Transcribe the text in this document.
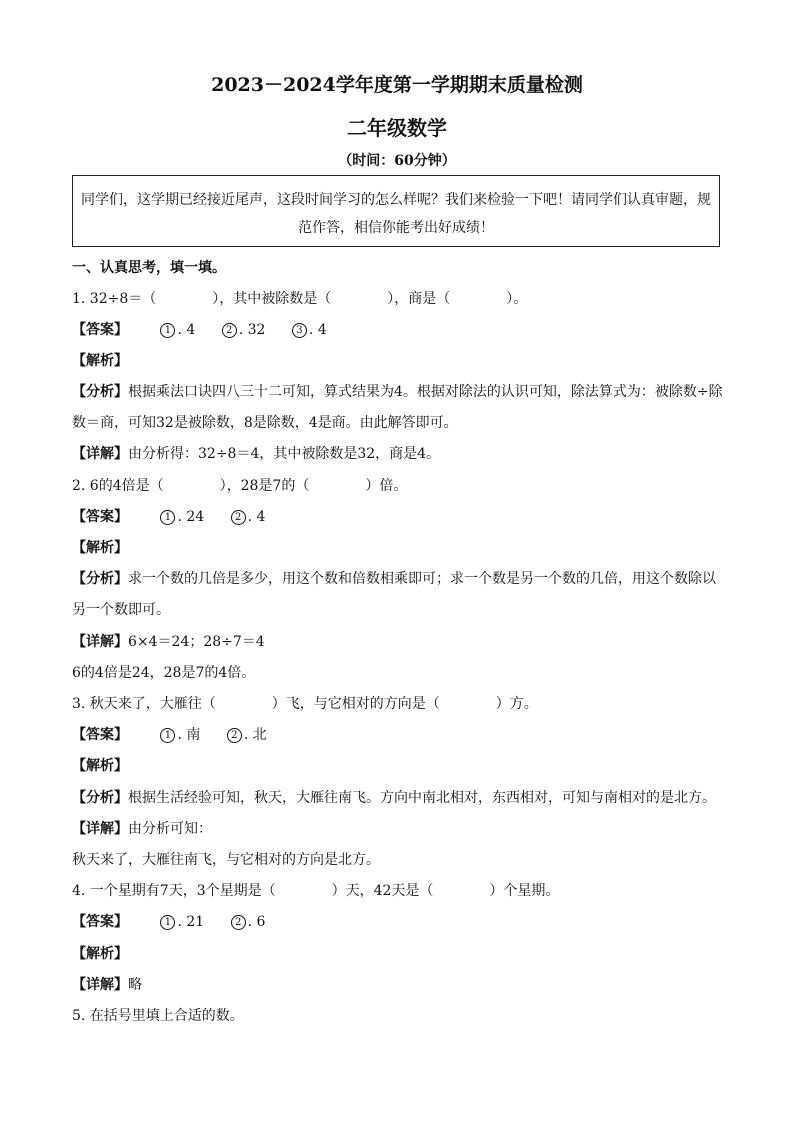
2023－2024学年度第一学期期末质量检测
二年级数学
（时间：60分钟）
同学们，这学期已经接近尾声，这段时间学习的怎么样呢？我们来检验一下吧！请同学们认真审题，规
范作答，相信你能考出好成绩！
一、认真思考，填一填。
1. 32÷8＝（　　　　），其中被除数是（　　　　），商是（　　　　）。
【答案】	1 . 4	2 . 32	3 . 4
【解析】
【分析】根据乘法口诀四八三十二可知，算式结果为4。根据对除法的认识可知，除法算式为：被除数÷除
数＝商，可知32是被除数，8是除数，4是商。由此解答即可。
【详解】由分析得：32÷8＝4，其中被除数是32，商是4。
2. 6的4倍是（　　　　），28是7的（　　　　）倍。
【答案】	1 . 24	2 . 4
【解析】
【分析】求一个数的几倍是多少，用这个数和倍数相乘即可；求一个数是另一个数的几倍，用这个数除以
另一个数即可。
【详解】6×4＝24；28÷7＝4
6的4倍是24，28是7的4倍。
3. 秋天来了，大雁往（　　　　）飞，与它相对的方向是（　　　　）方。
【答案】	1 . 南	2 . 北
【解析】
【分析】根据生活经验可知，秋天，大雁往南飞。方向中南北相对，东西相对，可知与南相对的是北方。
【详解】由分析可知：
秋天来了，大雁往南飞，与它相对的方向是北方。
4. 一个星期有7天，3个星期是（　　　　）天，42天是（　　　　）个星期。
【答案】	1 . 21	2 . 6
【解析】
【详解】略
5. 在括号里填上合适的数。
